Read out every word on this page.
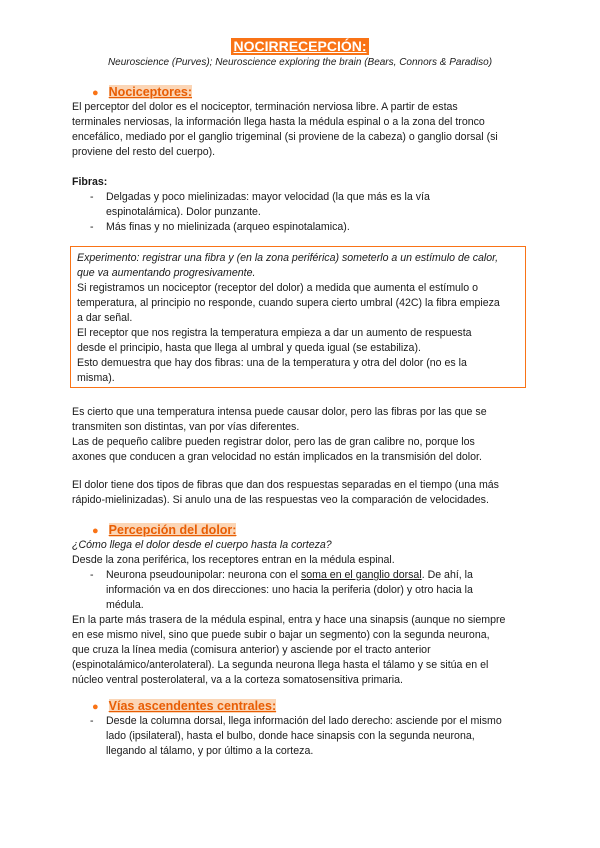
NOCIRRECEPCIÓN:
Neuroscience (Purves); Neuroscience exploring the brain (Bears, Connors & Paradiso)
● Nociceptores:

El perceptor del dolor es el nociceptor, terminación nerviosa libre. A partir de estas

terminales nerviosas, la información llega hasta la médula espinal o a la zona del tronco

encefálico, mediado por el ganglio trigeminal (si proviene de la cabeza) o ganglio dorsal (si

proviene del resto del cuerpo).

Fibras:

- Delgadas y poco mielinizadas: mayor velocidad (la que más es la vía

espinotalámica). Dolor punzante.

- Más finas y no mielinizada (arqueo espinotalamica).

Experimento: registrar una fibra y (en la zona periférica) someterlo a un estímulo de calor,

que va aumentando progresivamente.

Si registramos un nociceptor (receptor del dolor) a medida que aumenta el estímulo o

temperatura, al principio no responde, cuando supera cierto umbral (42C) la fibra empieza

a dar señal.

El receptor que nos registra la temperatura empieza a dar un aumento de respuesta

desde el principio, hasta que llega al umbral y queda igual (se estabiliza).

Esto demuestra que hay dos fibras: una de la temperatura y otra del dolor (no es la

misma).

Es cierto que una temperatura intensa puede causar dolor, pero las fibras por las que se

transmiten son distintas, van por vías diferentes.

Las de pequeño calibre pueden registrar dolor, pero las de gran calibre no, porque los

axones que conducen a gran velocidad no están implicados en la transmisión del dolor.

El dolor tiene dos tipos de fibras que dan dos respuestas separadas en el tiempo (una más

rápido-mielinizadas). Si anulo una de las respuestas veo la comparación de velocidades.

● Percepción del dolor:

¿Cómo llega el dolor desde el cuerpo hasta la corteza?

Desde la zona periférica, los receptores entran en la médula espinal.

- Neurona pseudounipolar: neurona con el soma en el ganglio dorsal. De ahí, la

información va en dos direcciones: uno hacia la periferia (dolor) y otro hacia la

médula.

En la parte más trasera de la médula espinal, entra y hace una sinapsis (aunque no siempre

en ese mismo nivel, sino que puede subir o bajar un segmento) con la segunda neurona,

que cruza la línea media (comisura anterior) y asciende por el tracto anterior

(espinotalámico/anterolateral). La segunda neurona llega hasta el tálamo y se sitúa en el

núcleo ventral posterolateral, va a la corteza somatosensitiva primaria.

● Vías ascendentes centrales:

- Desde la columna dorsal, llega información del lado derecho: asciende por el mismo

lado (ipsilateral), hasta el bulbo, donde hace sinapsis con la segunda neurona,

llegando al tálamo, y por último a la corteza.
